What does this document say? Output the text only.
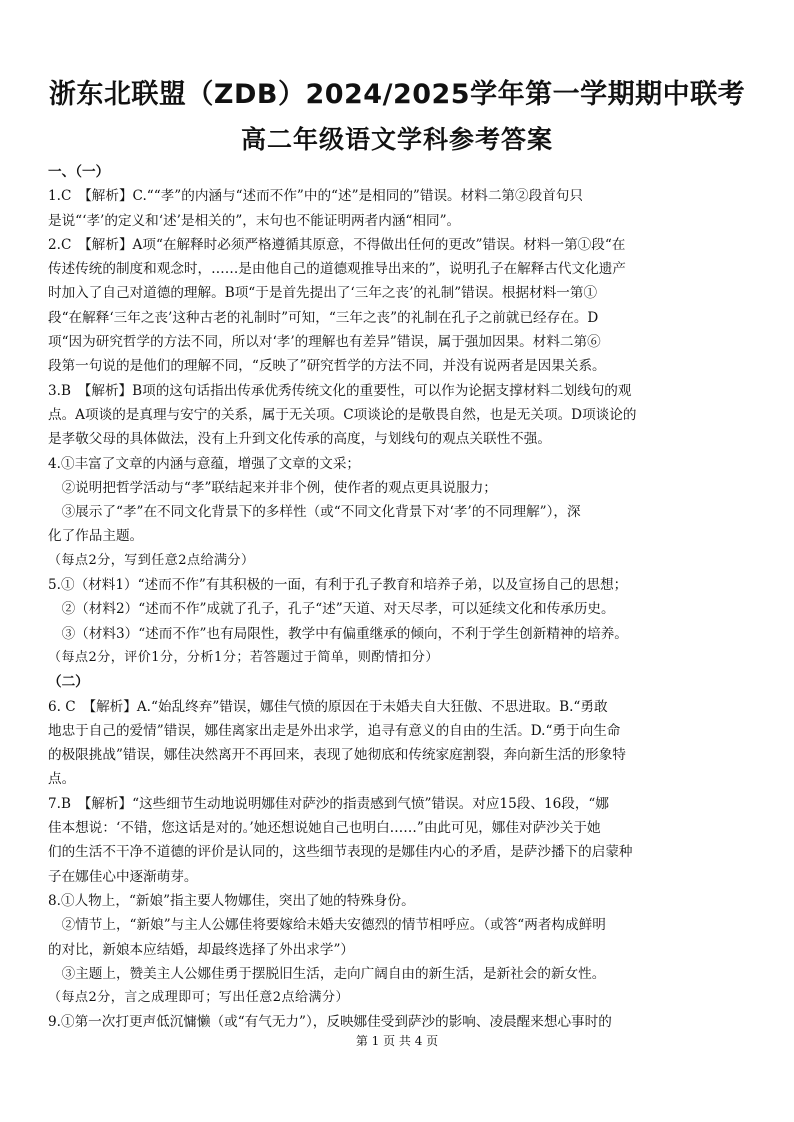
浙东北联盟（ZDB）2024/2025学年第一学期期中联考
高二年级语文学科参考答案
一、（一）
1.C　【解析】C.““孝”的内涵与“述而不作”中的“述”是相同的”错误。材料二第②段首句只
是说“‘孝’的定义和‘述’是相关的”，末句也不能证明两者内涵“相同”。
2.C　【解析】A项“在解释时必须严格遵循其原意，不得做出任何的更改”错误。材料一第①段“在
传述传统的制度和观念时，……是由他自己的道德观推导出来的”，说明孔子在解释古代文化遗产
时加入了自己对道德的理解。B项“于是首先提出了‘三年之丧’的礼制”错误。根据材料一第①
段“在解释‘三年之丧’这种古老的礼制时”可知，“三年之丧”的礼制在孔子之前就已经存在。D
项“因为研究哲学的方法不同，所以对‘孝’的理解也有差异”错误，属于强加因果。材料二第⑥
段第一句说的是他们的理解不同，“反映了”研究哲学的方法不同，并没有说两者是因果关系。
3.B　【解析】B项的这句话指出传承优秀传统文化的重要性，可以作为论据支撑材料二划线句的观
点。A项谈的是真理与安宁的关系，属于无关项。C项谈论的是敬畏自然，也是无关项。D项谈论的
是孝敬父母的具体做法，没有上升到文化传承的高度，与划线句的观点关联性不强。
4.①丰富了文章的内涵与意蕴，增强了文章的文采；
　②说明把哲学活动与“孝”联结起来并非个例，使作者的观点更具说服力；
　③展示了“孝”在不同文化背景下的多样性（或“不同文化背景下对‘孝’的不同理解”），深
化了作品主题。
（每点2分，写到任意2点给满分）
5.①（材料1）“述而不作”有其积极的一面，有利于孔子教育和培养子弟，以及宣扬自己的思想；
　②（材料2）“述而不作”成就了孔子，孔子“述”天道、对天尽孝，可以延续文化和传承历史。
　③（材料3）“述而不作”也有局限性，教学中有偏重继承的倾向，不利于学生创新精神的培养。
（每点2分，评价1分，分析1分；若答题过于简单，则酌情扣分）
（二）
6. C　【解析】A.“始乱终弃”错误，娜佳气愤的原因在于未婚夫自大狂傲、不思进取。B.“勇敢
地忠于自己的爱情”错误，娜佳离家出走是外出求学，追寻有意义的自由的生活。D.“勇于向生命
的极限挑战”错误，娜佳决然离开不再回来，表现了她彻底和传统家庭割裂，奔向新生活的形象特
点。
7.B　【解析】“这些细节生动地说明娜佳对萨沙的指责感到气愤”错误。对应15段、16段，“娜
佳本想说：‘不错，您这话是对的。’她还想说她自己也明白……”由此可见，娜佳对萨沙关于她
们的生活不干净不道德的评价是认同的，这些细节表现的是娜佳内心的矛盾，是萨沙播下的启蒙种
子在娜佳心中逐渐萌芽。
8.①人物上，“新娘”指主要人物娜佳，突出了她的特殊身份。
　②情节上，“新娘”与主人公娜佳将要嫁给未婚夫安德烈的情节相呼应。（或答“两者构成鲜明
的对比，新娘本应结婚，却最终选择了外出求学”）
　③主题上，赞美主人公娜佳勇于摆脱旧生活，走向广阔自由的新生活，是新社会的新女性。
（每点2分，言之成理即可；写出任意2点给满分）
9.①第一次打更声低沉慵懒（或“有气无力”），反映娜佳受到萨沙的影响、凌晨醒来想心事时的
第 1 页 共 4 页
